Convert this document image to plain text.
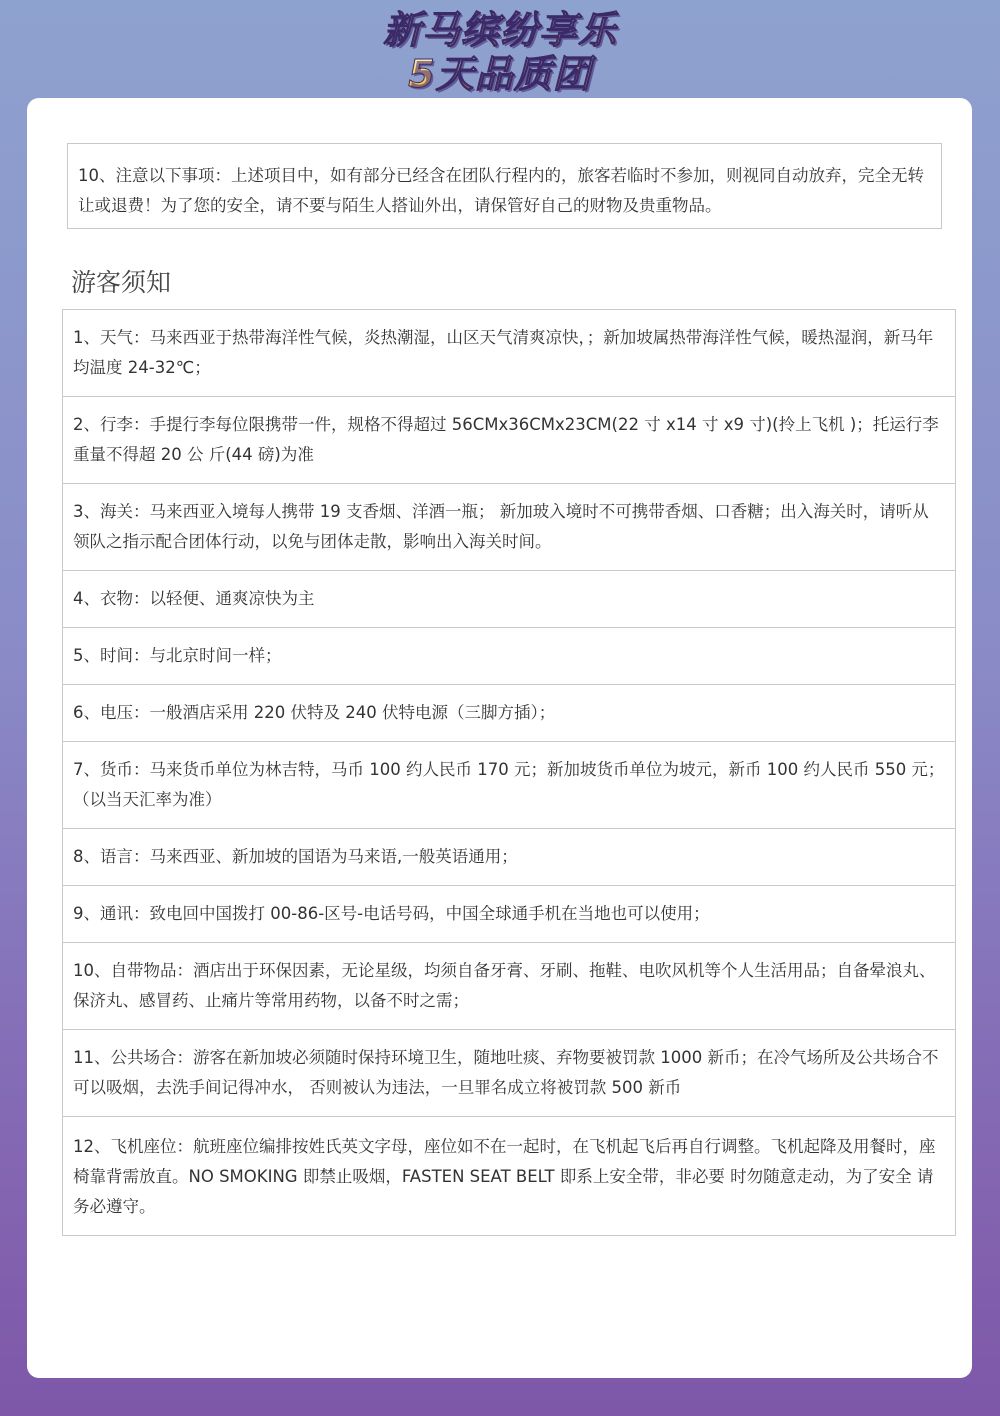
新马缤纷享乐
5天品质团
10、注意以下事项：上述项目中，如有部分已经含在团队行程内的，旅客若临时不参加，则视同自动放弃，完全无转让或退费！为了您的安全，请不要与陌生人搭讪外出，请保管好自己的财物及贵重物品。
游客须知
1、天气：马来西亚于热带海洋性气候，炎热潮湿，山区天气清爽凉快，；新加坡属热带海洋性气候，暖热湿润，新马年均温度 24-32℃；
2、行李：手提行李每位限携带一件，规格不得超过 56CMx36CMx23CM(22 寸 x14 寸 x9 寸)(拎上飞机 )；托运行李重量不得超 20 公 斤(44 磅)为准
3、海关：马来西亚入境每人携带 19 支香烟、洋酒一瓶； 新加玻入境时不可携带香烟、口香糖；出入海关时，请听从领队之指示配合团体行动，以免与团体走散，影响出入海关时间。
4、衣物：以轻便、通爽凉快为主
5、时间：与北京时间一样；
6、电压：一般酒店采用 220 伏特及 240 伏特电源（三脚方插）；
7、货币：马来货币单位为林吉特，马币 100 约人民币 170 元；新加坡货币单位为坡元，新币 100 约人民币 550 元；（以当天汇率为准）
8、语言：马来西亚、新加坡的国语为马来语,一般英语通用；
9、通讯：致电回中国拨打 00-86-区号-电话号码，中国全球通手机在当地也可以使用；
10、自带物品：酒店出于环保因素，无论星级，均须自备牙膏、牙刷、拖鞋、电吹风机等个人生活用品；自备晕浪丸、保济丸、感冒药、止痛片等常用药物，以备不时之需；
11、公共场合：游客在新加坡必须随时保持环境卫生，随地吐痰、弃物要被罚款 1000 新币；在冷气场所及公共场合不可以吸烟，去洗手间记得冲水， 否则被认为违法，一旦罪名成立将被罚款 500 新币
12、飞机座位：航班座位编排按姓氏英文字母，座位如不在一起时，在飞机起飞后再自行调整。飞机起降及用餐时，座椅靠背需放直。NO SMOKING 即禁止吸烟，FASTEN SEAT BELT 即系上安全带，非必要 时勿随意走动，为了安全 请务必遵守。
